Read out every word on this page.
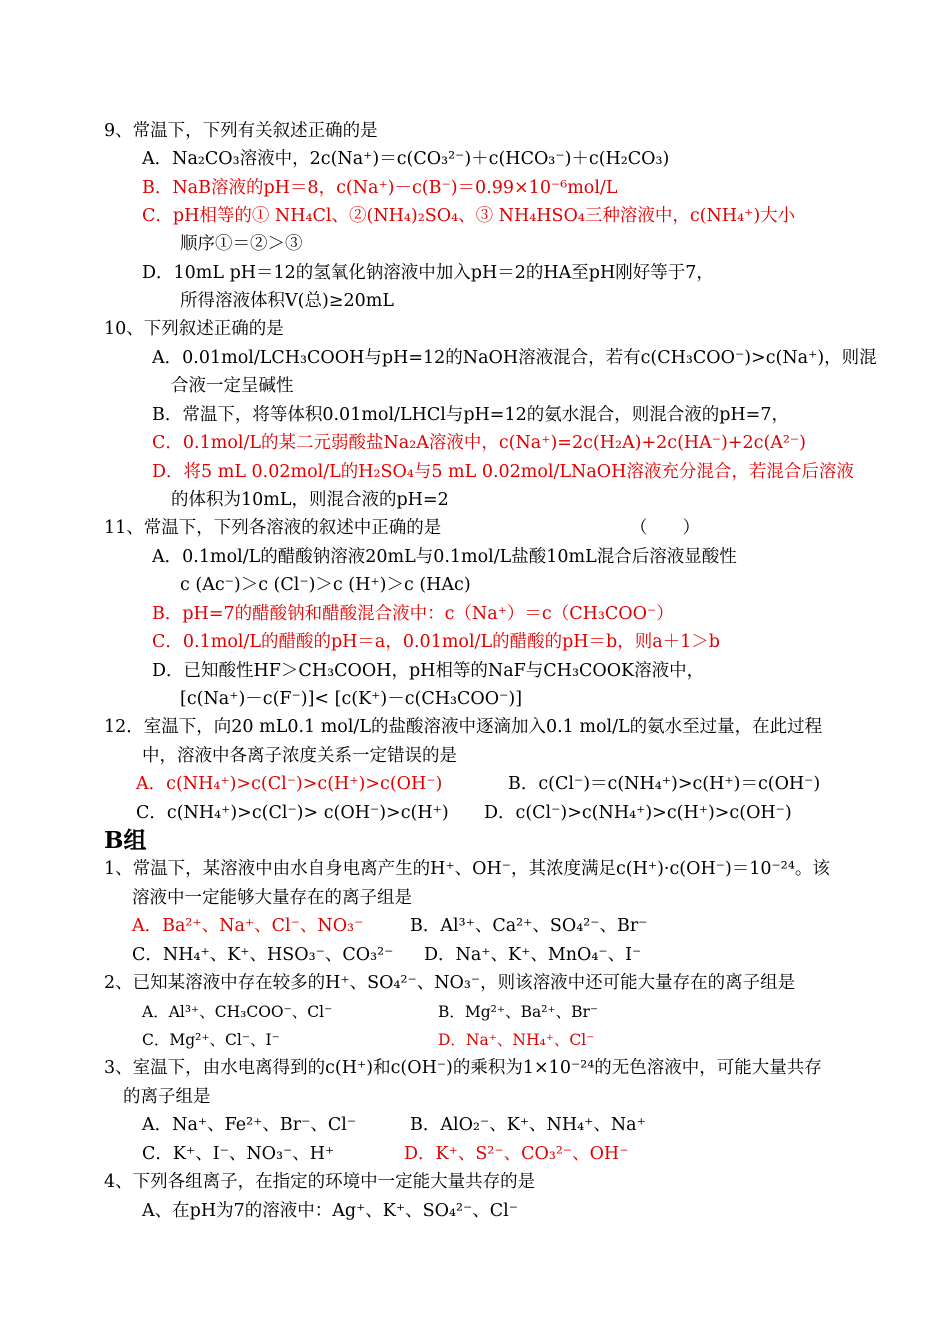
9、常温下，下列有关叙述正确的是
A．Na₂CO₃溶液中，2c(Na⁺)＝c(CO₃²⁻)＋c(HCO₃⁻)＋c(H₂CO₃)
B．NaB溶液的pH＝8，c(Na⁺)－c(B⁻)＝0.99×10⁻⁶mol/L
C．pH相等的① NH₄Cl、②(NH₄)₂SO₄、③ NH₄HSO₄三种溶液中，c(NH₄⁺)大小
顺序①＝②＞③
D．10mL pH＝12的氢氧化钠溶液中加入pH＝2的HA至pH刚好等于7，
所得溶液体积V(总)≥20mL
10、下列叙述正确的是
A．0.01mol/LCH₃COOH与pH=12的NaOH溶液混合，若有c(CH₃COO⁻)>c(Na⁺)，则混
合液一定呈碱性
B．常温下，将等体积0.01mol/LHCl与pH=12的氨水混合，则混合液的pH=7，
C．0.1mol/L的某二元弱酸盐Na₂A溶液中，c(Na⁺)=2c(H₂A)+2c(HA⁻)+2c(A²⁻)
D．将5 mL 0.02mol/L的H₂SO₄与5 mL 0.02mol/LNaOH溶液充分混合，若混合后溶液
的体积为10mL，则混合液的pH=2
11、常温下，下列各溶液的叙述中正确的是	（　　）
A．0.1mol/L的醋酸钠溶液20mL与0.1mol/L盐酸10mL混合后溶液显酸性
c (Ac⁻)＞c (Cl⁻)＞c (H⁺)＞c (HAc)
B．pH=7的醋酸钠和醋酸混合液中：c（Na⁺）＝c（CH₃COO⁻）
C．0.1mol/L的醋酸的pH＝a，0.01mol/L的醋酸的pH＝b，则a＋1＞b
D．已知酸性HF＞CH₃COOH，pH相等的NaF与CH₃COOK溶液中，
[c(Na⁺)－c(F⁻)]< [c(K⁺)－c(CH₃COO⁻)]
12．室温下，向20 mL0.1 mol/L的盐酸溶液中逐滴加入0.1 mol/L的氨水至过量，在此过程
中，溶液中各离子浓度关系一定错误的是
A．c(NH₄⁺)>c(Cl⁻)>c(H⁺)>c(OH⁻)	B．c(Cl⁻)＝c(NH₄⁺)>c(H⁺)＝c(OH⁻)
C．c(NH₄⁺)>c(Cl⁻)> c(OH⁻)>c(H⁺) D．c(Cl⁻)>c(NH₄⁺)>c(H⁺)>c(OH⁻)
B组
1、常温下，某溶液中由水自身电离产生的H⁺、OH⁻，其浓度满足c(H⁺)·c(OH⁻)＝10⁻²⁴。该
溶液中一定能够大量存在的离子组是
A．Ba²⁺、Na⁺、Cl⁻、NO₃⁻	B．Al³⁺、Ca²⁺、SO₄²⁻、Br⁻
C．NH₄⁺、K⁺、HSO₃⁻、CO₃²⁻ D．Na⁺、K⁺、MnO₄⁻、I⁻
2、已知某溶液中存在较多的H⁺、SO₄²⁻、NO₃⁻，则该溶液中还可能大量存在的离子组是
A．Al³⁺、CH₃COO⁻、Cl⁻	B．Mg²⁺、Ba²⁺、Br⁻
C．Mg²⁺、Cl⁻、I⁻	D．Na⁺、NH₄⁺、Cl⁻
3、室温下，由水电离得到的c(H⁺)和c(OH⁻)的乘积为1×10⁻²⁴的无色溶液中，可能大量共存
的离子组是
A．Na⁺、Fe²⁺、Br⁻、Cl⁻	B．AlO₂⁻、K⁺、NH₄⁺、Na⁺
C．K⁺、I⁻、NO₃⁻、H⁺	D．K⁺、S²⁻、CO₃²⁻、OH⁻
4、下列各组离子，在指定的环境中一定能大量共存的是
A、在pH为7的溶液中：Ag⁺、K⁺、SO₄²⁻、Cl⁻
